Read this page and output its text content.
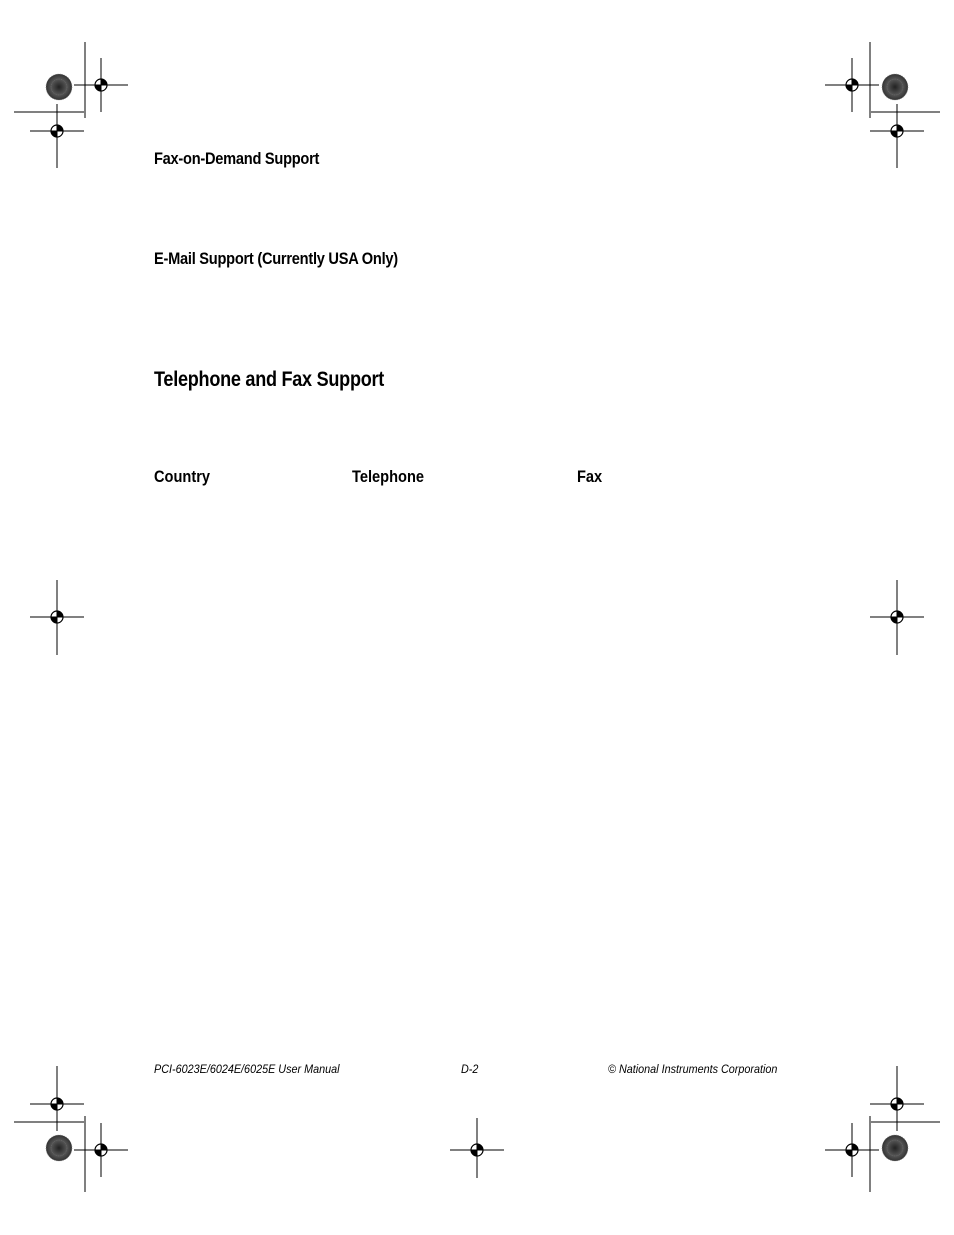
Fax-on-Demand Support
E-Mail Support (Currently USA Only)
Telephone and Fax Support
Country	Telephone	Fax
PCI-6023E/6024E/6025E User Manual	D-2	© National Instruments Corporation
